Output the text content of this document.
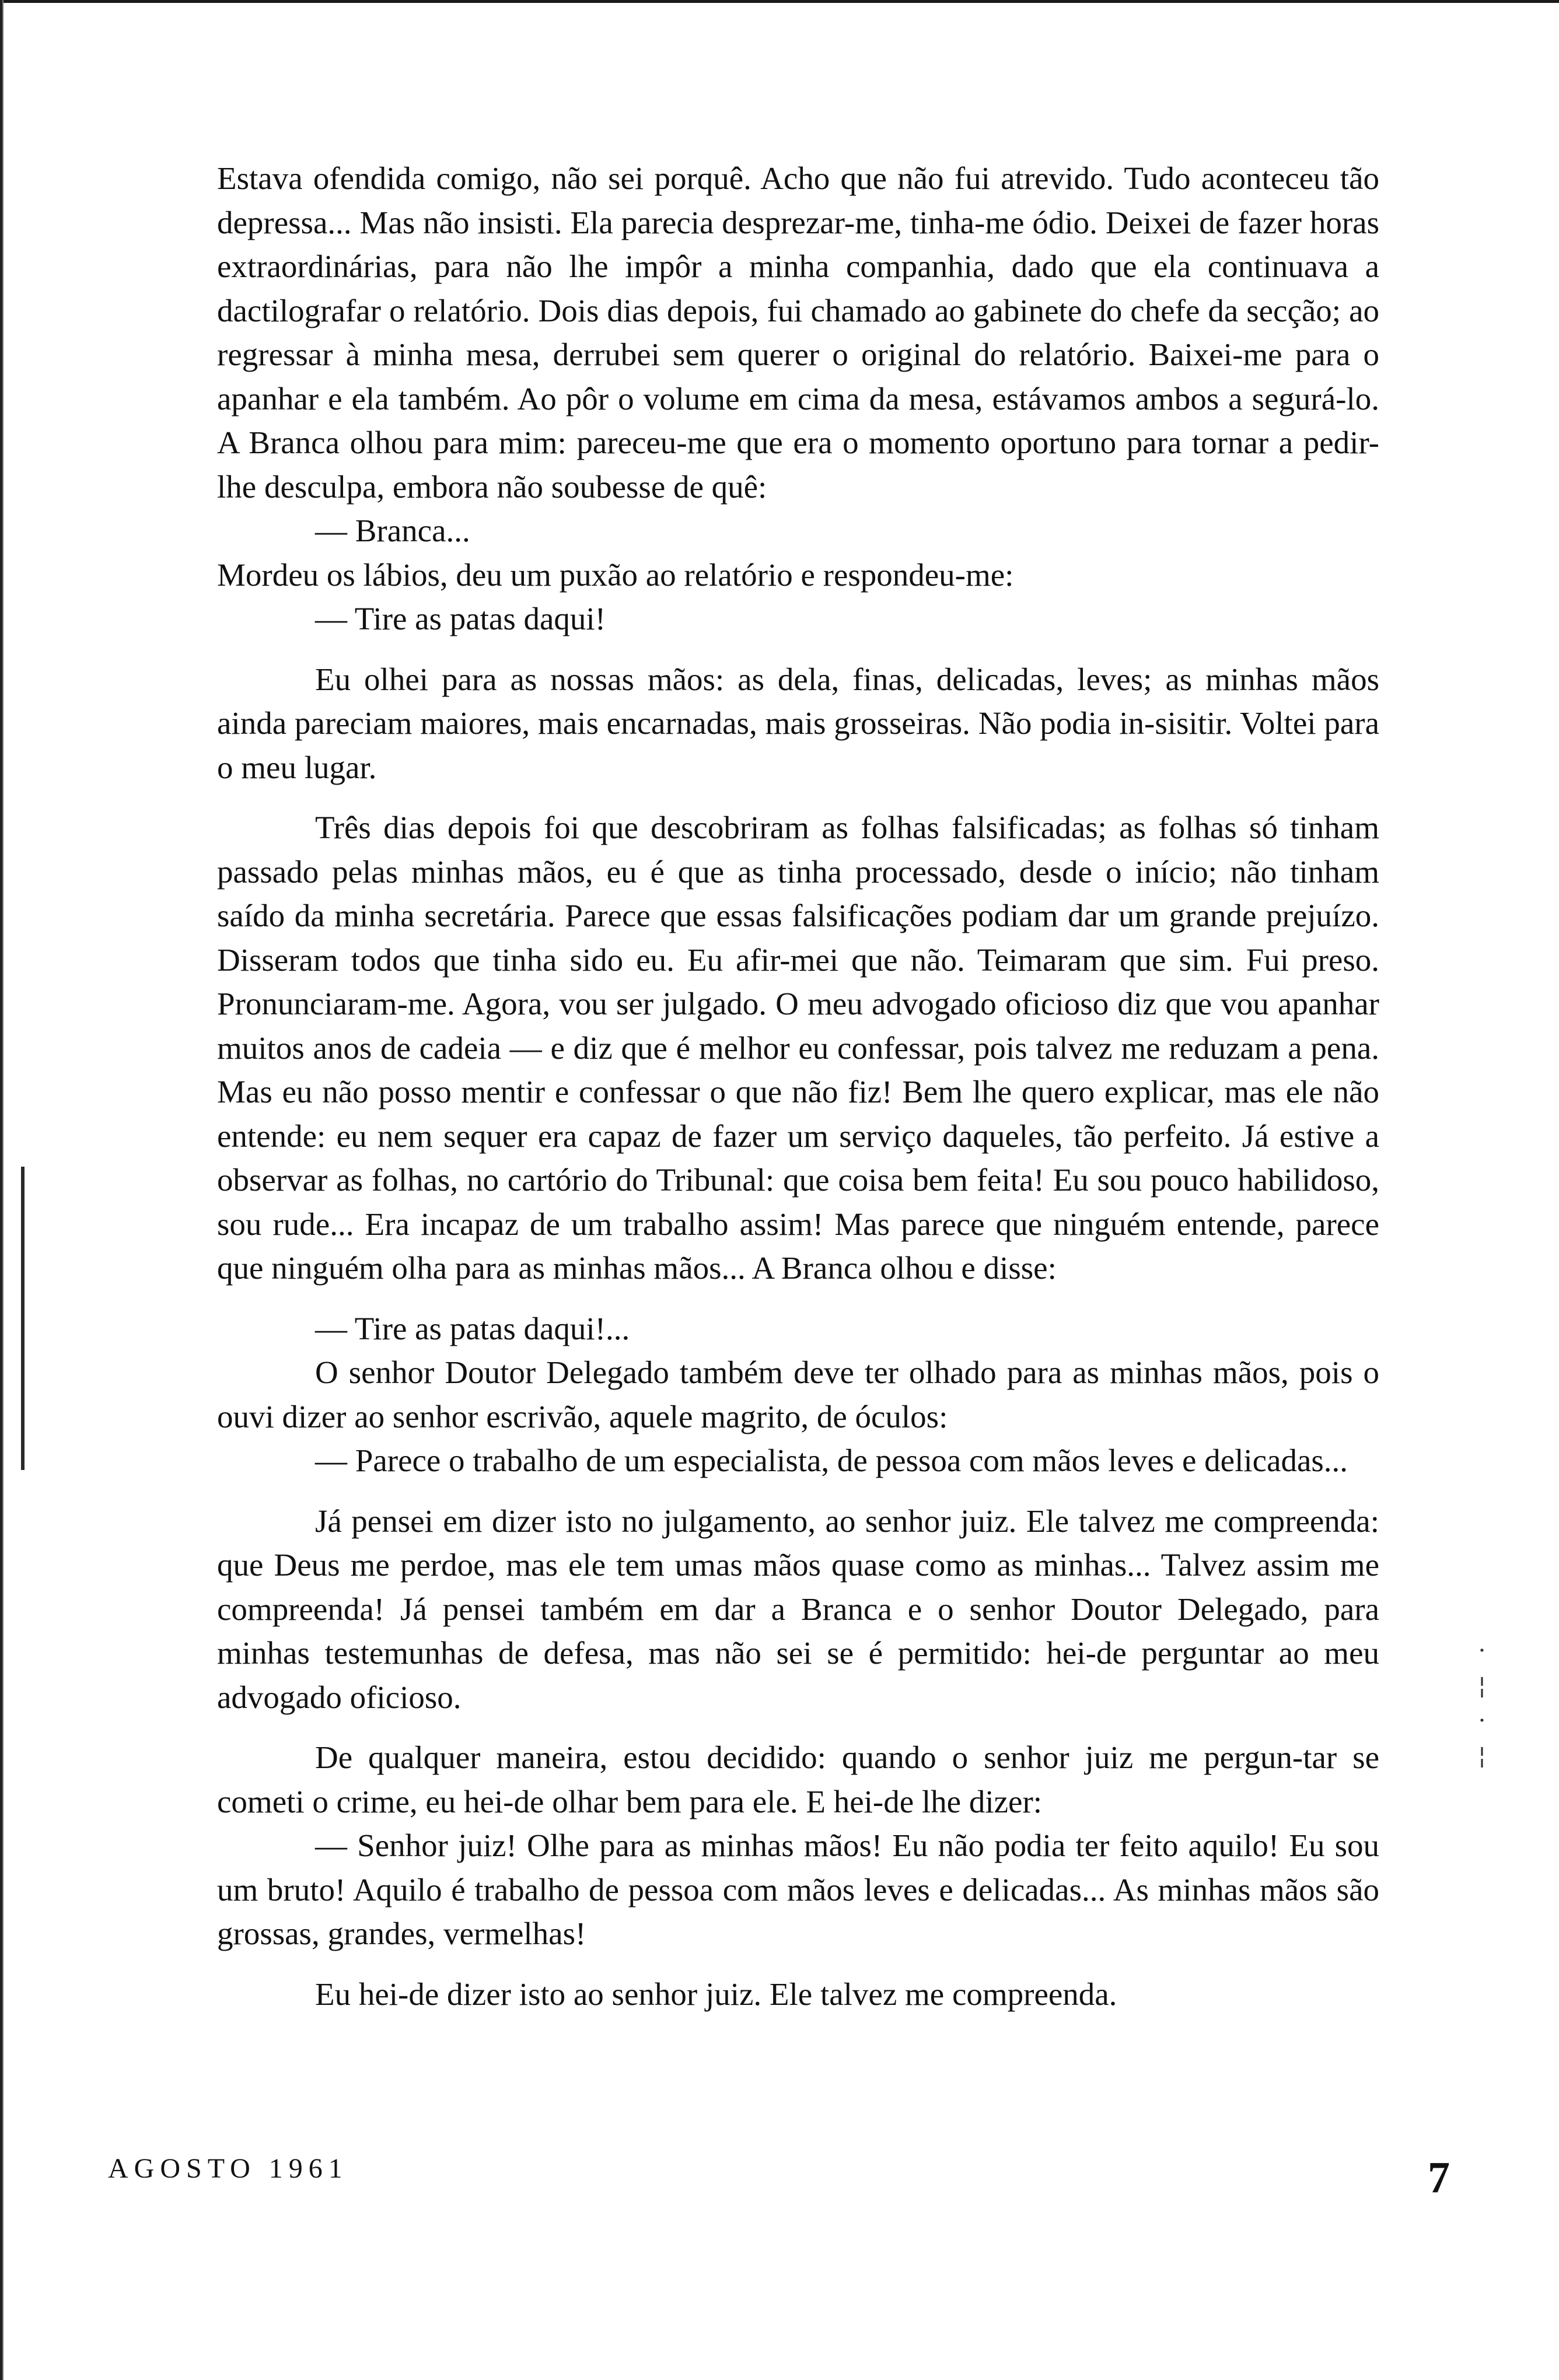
·
¦
·
¦

Estava ofendida comigo, não sei porquê. Acho que não fui atrevido. Tudo aconteceu tão depressa... Mas não insisti. Ela parecia desprezar-me, tinha-me ódio. Deixei de fazer horas extraordinárias, para não lhe impôr a minha companhia, dado que ela continuava a dactilografar o relatório. Dois dias depois, fui chamado ao gabinete do chefe da secção; ao regressar à minha mesa, derrubei sem querer o original do relatório. Baixei-me para o apanhar e ela também. Ao pôr o volume em cima da mesa, estávamos ambos a segurá-lo. A Branca olhou para mim: pareceu-me que era o momento oportuno para tornar a pedir-lhe desculpa, embora não soubesse de quê:

— Branca...

Mordeu os lábios, deu um puxão ao relatório e respondeu-me:

— Tire as patas daqui!

Eu olhei para as nossas mãos: as dela, finas, delicadas, leves; as minhas mãos ainda pareciam maiores, mais encarnadas, mais grosseiras. Não podia in-sisitir. Voltei para o meu lugar.

Três dias depois foi que descobriram as folhas falsificadas; as folhas só tinham passado pelas minhas mãos, eu é que as tinha processado, desde o início; não tinham saído da minha secretária. Parece que essas falsificações podiam dar um grande prejuízo. Disseram todos que tinha sido eu. Eu afir-mei que não. Teimaram que sim. Fui preso. Pronunciaram-me. Agora, vou ser julgado. O meu advogado oficioso diz que vou apanhar muitos anos de cadeia — e diz que é melhor eu confessar, pois talvez me reduzam a pena. Mas eu não posso mentir e confessar o que não fiz! Bem lhe quero explicar, mas ele não entende: eu nem sequer era capaz de fazer um serviço daqueles, tão perfeito. Já estive a observar as folhas, no cartório do Tribunal: que coisa bem feita! Eu sou pouco habilidoso, sou rude... Era incapaz de um trabalho assim! Mas parece que ninguém entende, parece que ninguém olha para as minhas mãos... A Branca olhou e disse:

— Tire as patas daqui!...

O senhor Doutor Delegado também deve ter olhado para as minhas mãos, pois o ouvi dizer ao senhor escrivão, aquele magrito, de óculos:

— Parece o trabalho de um especialista, de pessoa com mãos leves e delicadas...

Já pensei em dizer isto no julgamento, ao senhor juiz. Ele talvez me compreenda: que Deus me perdoe, mas ele tem umas mãos quase como as minhas... Talvez assim me compreenda! Já pensei também em dar a Branca e o senhor Doutor Delegado, para minhas testemunhas de defesa, mas não sei se é permitido: hei-de perguntar ao meu advogado oficioso.

De qualquer maneira, estou decidido: quando o senhor juiz me pergun-tar se cometi o crime, eu hei-de olhar bem para ele. E hei-de lhe dizer:

— Senhor juiz! Olhe para as minhas mãos! Eu não podia ter feito aquilo! Eu sou um bruto! Aquilo é trabalho de pessoa com mãos leves e delicadas... As minhas mãos são grossas, grandes, vermelhas!

Eu hei-de dizer isto ao senhor juiz. Ele talvez me compreenda.

AGOSTO 1961	7
